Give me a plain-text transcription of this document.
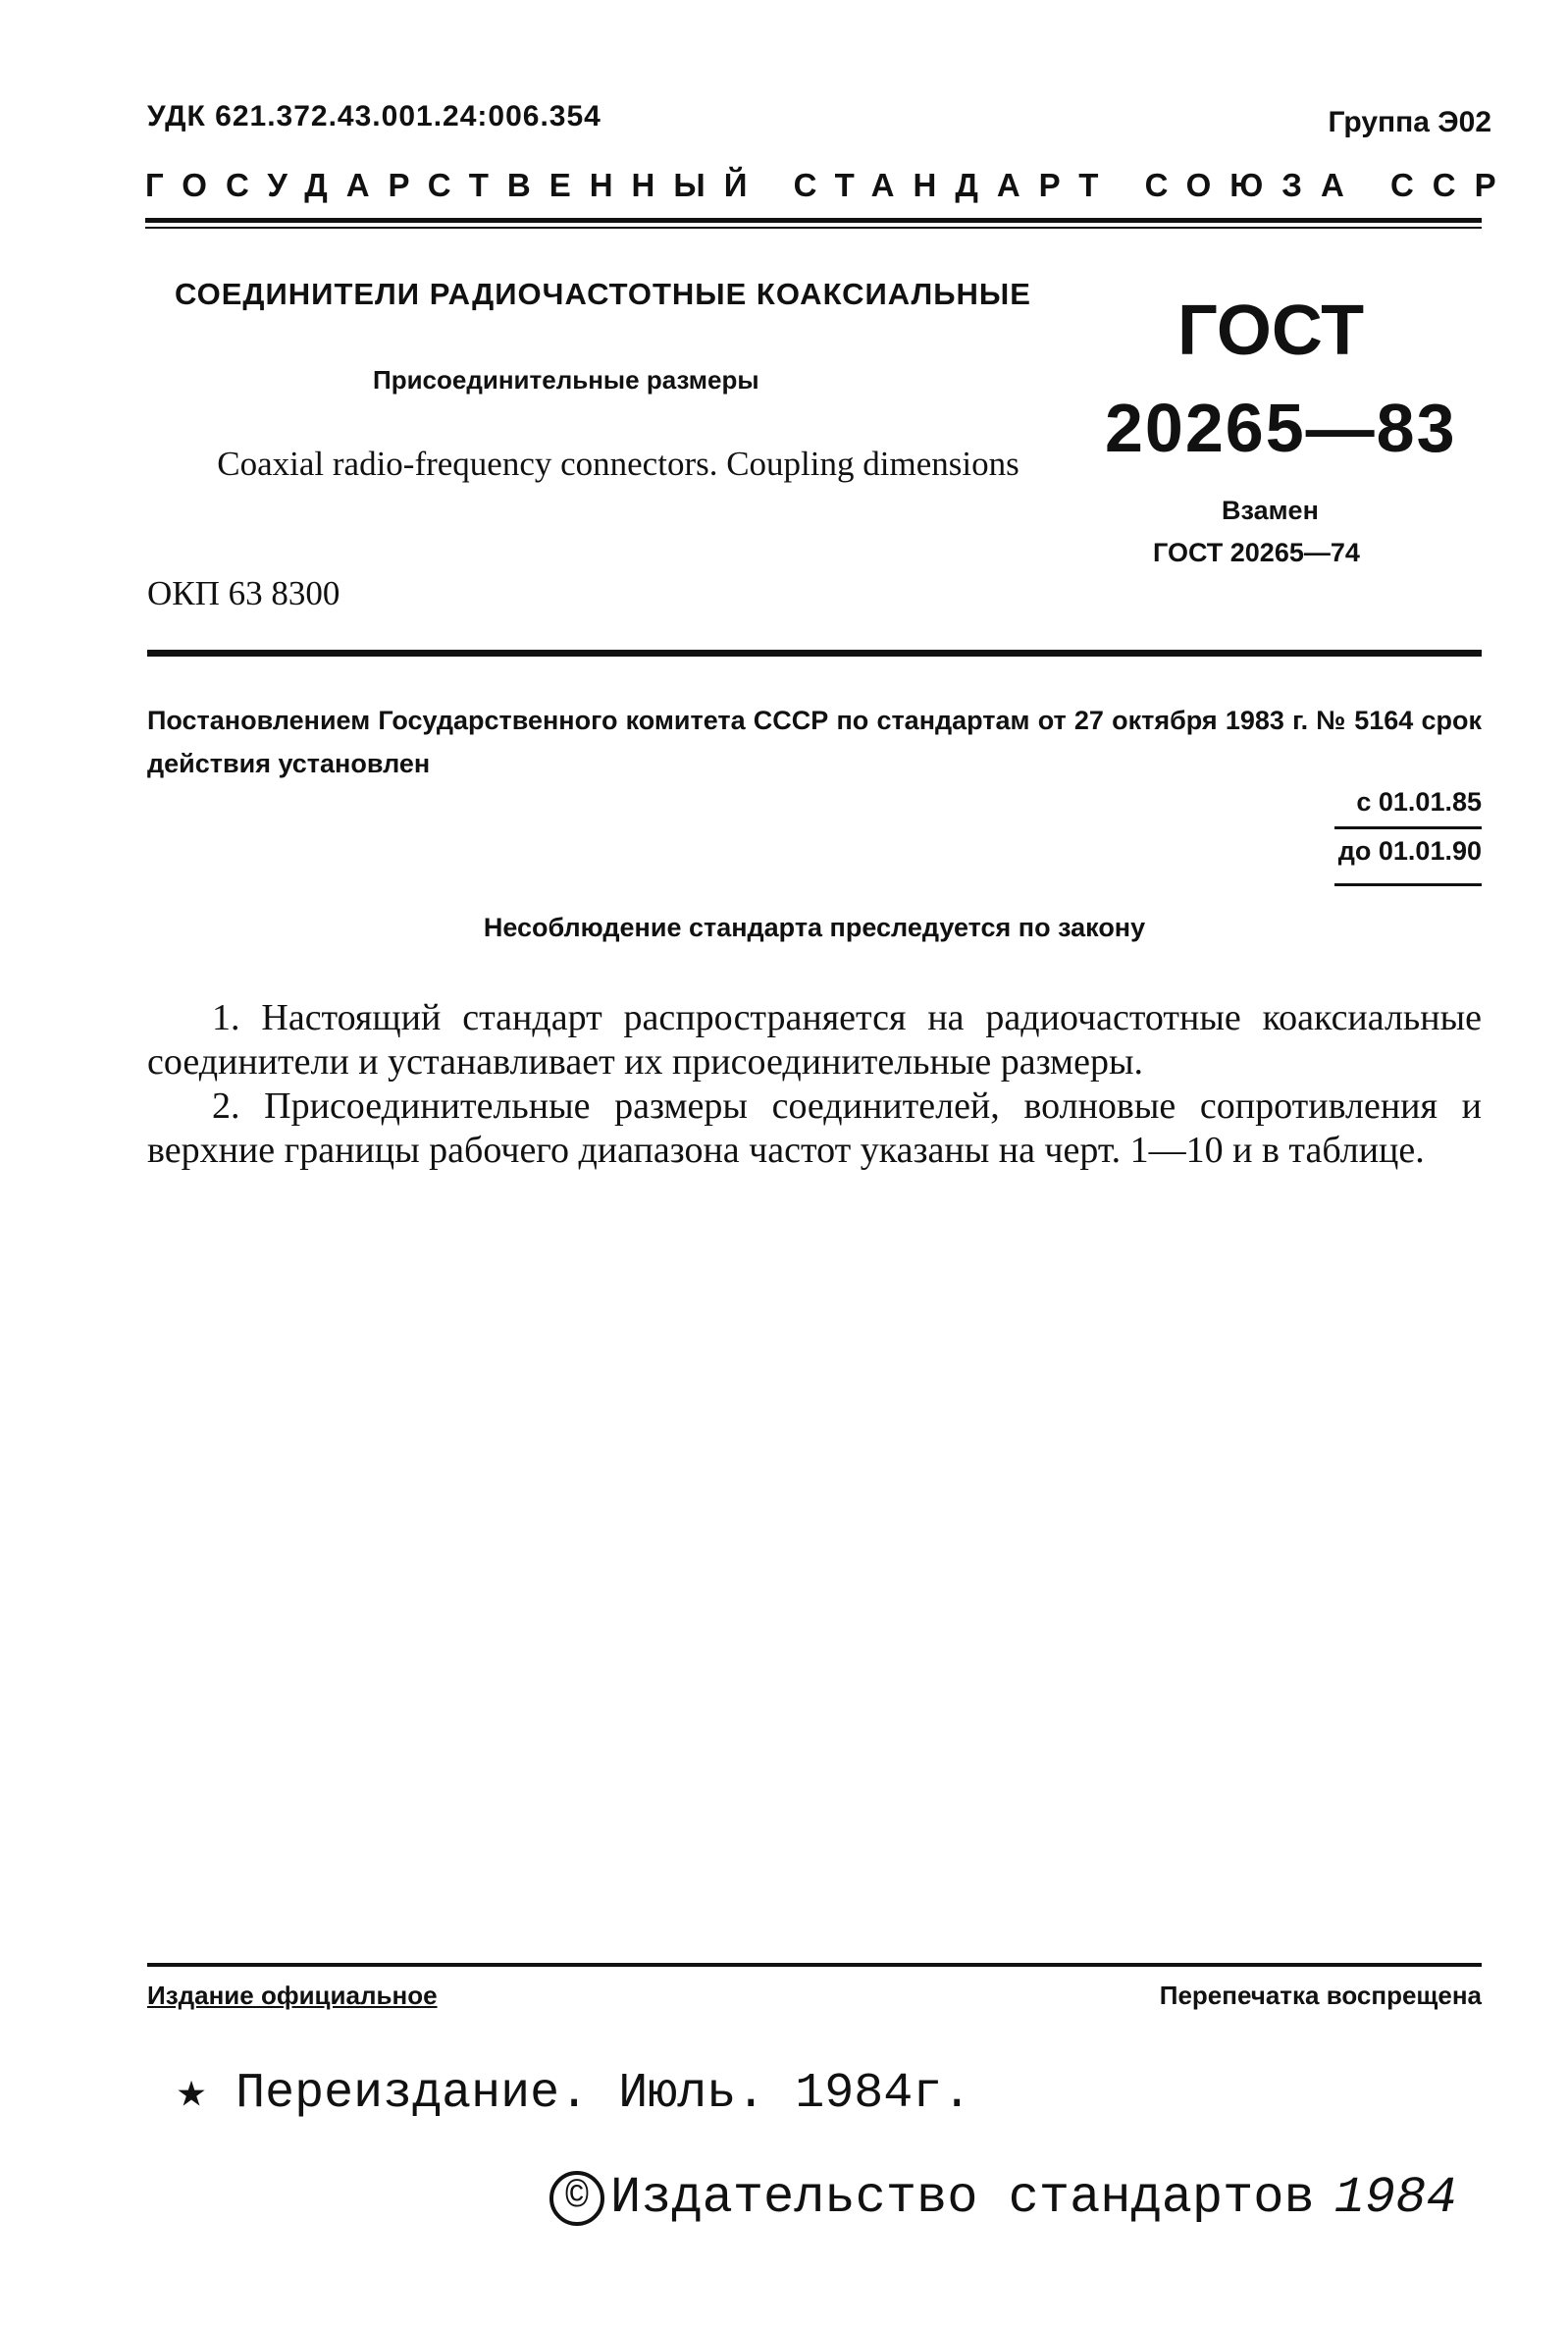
УДК 621.372.43.001.24:006.354	Группа Э02
ГОСУДАРСТВЕННЫЙ СТАНДАРТ СОЮЗА ССР
СОЕДИНИТЕЛИ РАДИОЧАСТОТНЫЕ КОАКСИАЛЬНЫЕ
Присоединительные размеры
Coaxial radio-frequency connectors. Coupling dimensions
ОКП 63 8300
ГОСТ
20265—83
Взамен
ГОСТ 20265—74
Постановлением Государственного комитета СССР по стандартам от 27 октября 1983 г. № 5164 срок действия установлен
с 01.01.85
до 01.01.90
Несоблюдение стандарта преследуется по закону

1. Настоящий стандарт распространяется на радиочастотные коаксиальные соединители и устанавливает их присоединительные размеры.

2. Присоединительные размеры соединителей, волновые сопротивления и верхние границы рабочего диапазона частот указаны на черт. 1—10 и в таблице.

Издание официальное	Перепечатка воспрещена
★ Переиздание. Июль. 1984г.
© Издательство стандартов 1984
